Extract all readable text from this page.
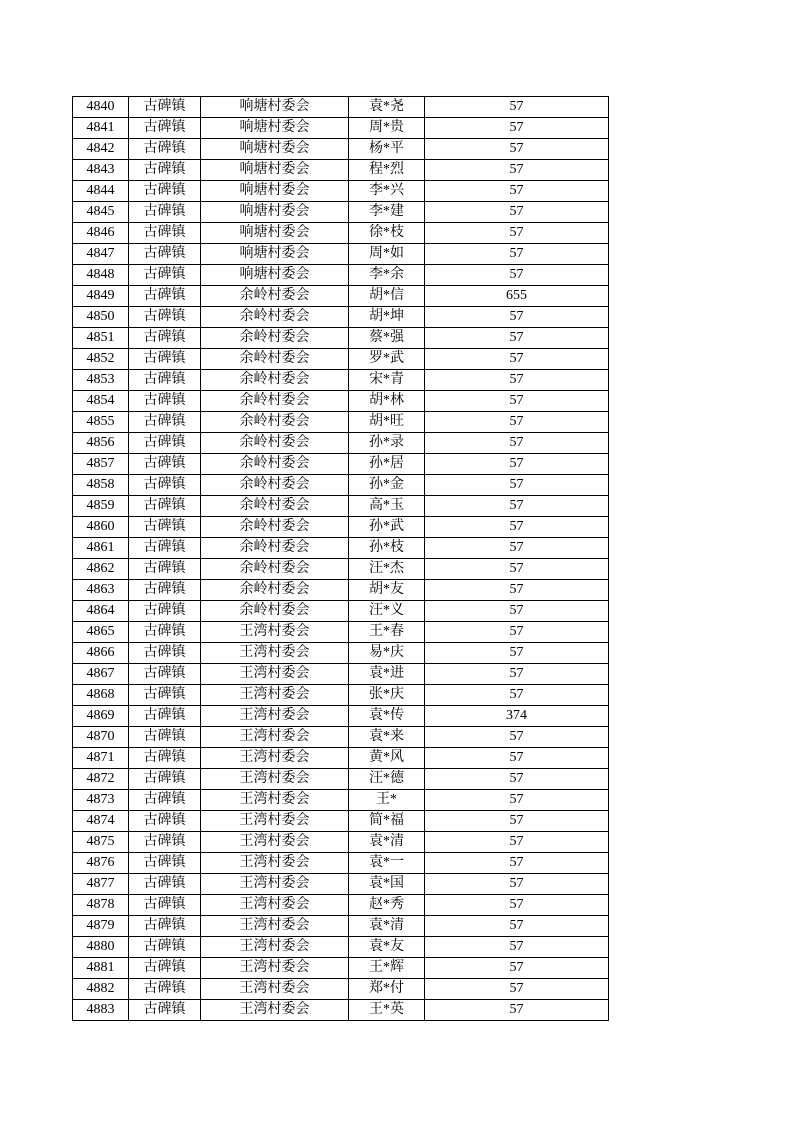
4840	古碑镇	响塘村委会	袁*尧	57
4841	古碑镇	响塘村委会	周*贵	57
4842	古碑镇	响塘村委会	杨*平	57
4843	古碑镇	响塘村委会	程*烈	57
4844	古碑镇	响塘村委会	李*兴	57
4845	古碑镇	响塘村委会	李*建	57
4846	古碑镇	响塘村委会	徐*枝	57
4847	古碑镇	响塘村委会	周*如	57
4848	古碑镇	响塘村委会	李*余	57
4849	古碑镇	余岭村委会	胡*信	655
4850	古碑镇	余岭村委会	胡*坤	57
4851	古碑镇	余岭村委会	蔡*强	57
4852	古碑镇	余岭村委会	罗*武	57
4853	古碑镇	余岭村委会	宋*青	57
4854	古碑镇	余岭村委会	胡*林	57
4855	古碑镇	余岭村委会	胡*旺	57
4856	古碑镇	余岭村委会	孙*录	57
4857	古碑镇	余岭村委会	孙*居	57
4858	古碑镇	余岭村委会	孙*金	57
4859	古碑镇	余岭村委会	高*玉	57
4860	古碑镇	余岭村委会	孙*武	57
4861	古碑镇	余岭村委会	孙*枝	57
4862	古碑镇	余岭村委会	汪*杰	57
4863	古碑镇	余岭村委会	胡*友	57
4864	古碑镇	余岭村委会	汪*义	57
4865	古碑镇	王湾村委会	王*春	57
4866	古碑镇	王湾村委会	易*庆	57
4867	古碑镇	王湾村委会	袁*进	57
4868	古碑镇	王湾村委会	张*庆	57
4869	古碑镇	王湾村委会	袁*传	374
4870	古碑镇	王湾村委会	袁*来	57
4871	古碑镇	王湾村委会	黄*风	57
4872	古碑镇	王湾村委会	汪*德	57
4873	古碑镇	王湾村委会	王*	57
4874	古碑镇	王湾村委会	简*福	57
4875	古碑镇	王湾村委会	袁*清	57
4876	古碑镇	王湾村委会	袁*一	57
4877	古碑镇	王湾村委会	袁*国	57
4878	古碑镇	王湾村委会	赵*秀	57
4879	古碑镇	王湾村委会	袁*清	57
4880	古碑镇	王湾村委会	袁*友	57
4881	古碑镇	王湾村委会	王*辉	57
4882	古碑镇	王湾村委会	郑*付	57
4883	古碑镇	王湾村委会	王*英	57
